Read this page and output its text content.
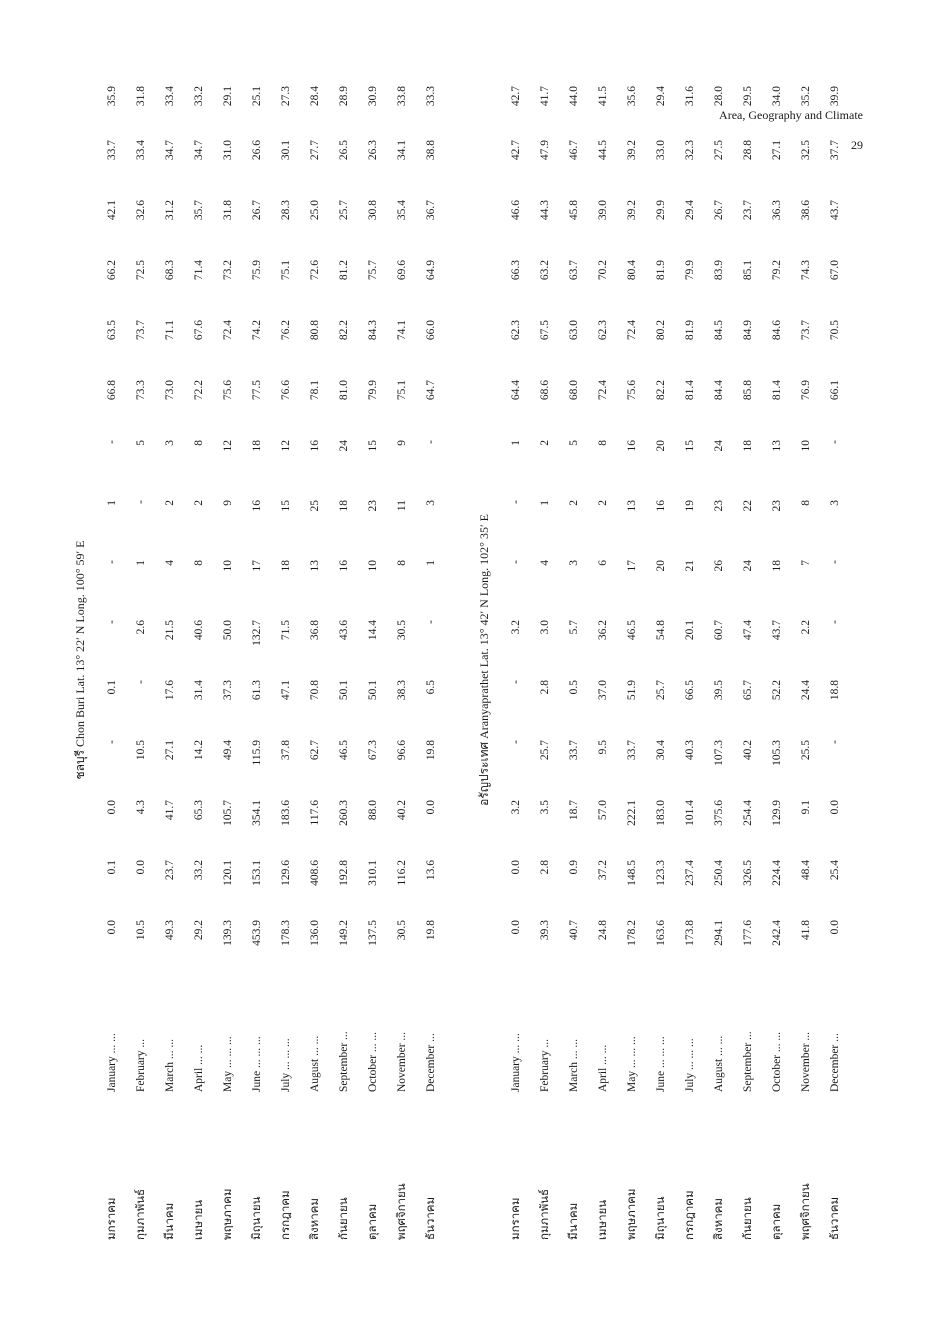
Area, Geography and Climate
29
ชลบุรี Chon Buri Lat. 13° 22′ N Long. 100° 59′ E
มกราคม	January ... ...	0.0	0.1	0.0	-	0.1	-	-	1	-	66.8	63.5	66.2	42.1	33.7	35.9
กุมภาพันธ์	February ...	10.5	0.0	4.3	10.5	-	2.6	1	-	5	73.3	73.7	72.5	32.6	33.4	31.8
มีนาคม	March ... ...	49.3	23.7	41.7	27.1	17.6	21.5	4	2	3	73.0	71.1	68.3	31.2	34.7	33.4
เมษายน	April ... ...	29.2	33.2	65.3	14.2	31.4	40.6	8	2	8	72.2	67.6	71.4	35.7	34.7	33.2
พฤษภาคม	May ... ... ...	139.3	120.1	105.7	49.4	37.3	50.0	10	9	12	75.6	72.4	73.2	31.8	31.0	29.1
มิถุนายน	June ... ... ...	453.9	153.1	354.1	115.9	61.3	132.7	17	16	18	77.5	74.2	75.9	26.7	26.6	25.1
กรกฎาคม	July ... ... ...	178.3	129.6	183.6	37.8	47.1	71.5	18	15	12	76.6	76.2	75.1	28.3	30.1	27.3
สิงหาคม	August ... ...	136.0	408.6	117.6	62.7	70.8	36.8	13	25	16	78.1	80.8	72.6	25.0	27.7	28.4
กันยายน	September ...	149.2	192.8	260.3	46.5	50.1	43.6	16	18	24	81.0	82.2	81.2	25.7	26.5	28.9
ตุลาคม	October ... ...	137.5	310.1	88.0	67.3	50.1	14.4	10	23	15	79.9	84.3	75.7	30.8	26.3	30.9
พฤศจิกายน	November ...	30.5	116.2	40.2	96.6	38.3	30.5	8	11	9	75.1	74.1	69.6	35.4	34.1	33.8
ธันวาคม	December ...	19.8	13.6	0.0	19.8	6.5	-	1	3	-	64.7	66.0	64.9	36.7	38.8	33.3
อรัญประเทศ Aranyaprathet Lat. 13° 42′ N Long. 102° 35′ E
มกราคม	January ... ...	0.0	0.0	3.2	-	-	3.2	-	-	1	64.4	62.3	66.3	46.6	42.7	42.7
กุมภาพันธ์	February ...	39.3	2.8	3.5	25.7	2.8	3.0	4	1	2	68.6	67.5	63.2	44.3	47.9	41.7
มีนาคม	March ... ...	40.7	0.9	18.7	33.7	0.5	5.7	3	2	5	68.0	63.0	63.7	45.8	46.7	44.0
เมษายน	April ... ...	24.8	37.2	57.0	9.5	37.0	36.2	6	2	8	72.4	62.3	70.2	39.0	44.5	41.5
พฤษภาคม	May ... ... ...	178.2	148.5	222.1	33.7	51.9	46.5	17	13	16	75.6	72.4	80.4	39.2	39.2	35.6
มิถุนายน	June ... ... ...	163.6	123.3	183.0	30.4	25.7	54.8	20	16	20	82.2	80.2	81.9	29.9	33.0	29.4
กรกฎาคม	July ... ... ...	173.8	237.4	101.4	40.3	66.5	20.1	21	19	15	81.4	81.9	79.9	29.4	32.3	31.6
สิงหาคม	August ... ...	294.1	250.4	375.6	107.3	39.5	60.7	26	23	24	84.4	84.5	83.9	26.7	27.5	28.0
กันยายน	September ...	177.6	326.5	254.4	40.2	65.7	47.4	24	22	18	85.8	84.9	85.1	23.7	28.8	29.5
ตุลาคม	October ... ...	242.4	224.4	129.9	105.3	52.2	43.7	18	23	13	81.4	84.6	79.2	36.3	27.1	34.0
พฤศจิกายน	November ...	41.8	48.4	9.1	25.5	24.4	2.2	7	8	10	76.9	73.7	74.3	38.6	32.5	35.2
ธันวาคม	December ...	0.0	25.4	0.0	-	18.8	-	-	3	-	66.1	70.5	67.0	43.7	37.7	39.9
